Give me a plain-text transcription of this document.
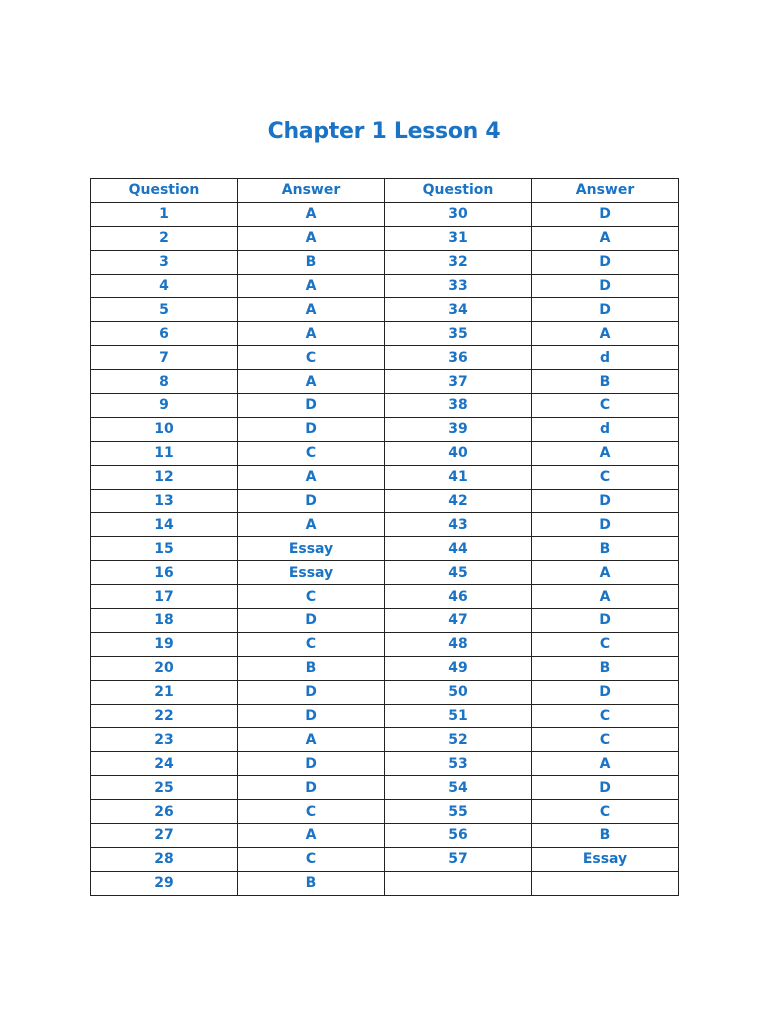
Chapter 1 Lesson 4
Question	Answer	Question	Answer
1	A	30	D
2	A	31	A
3	B	32	D
4	A	33	D
5	A	34	D
6	A	35	A
7	C	36	d
8	A	37	B
9	D	38	C
10	D	39	d
11	C	40	A
12	A	41	C
13	D	42	D
14	A	43	D
15	Essay	44	B
16	Essay	45	A
17	C	46	A
18	D	47	D
19	C	48	C
20	B	49	B
21	D	50	D
22	D	51	C
23	A	52	C
24	D	53	A
25	D	54	D
26	C	55	C
27	A	56	B
28	C	57	Essay
29	B		
